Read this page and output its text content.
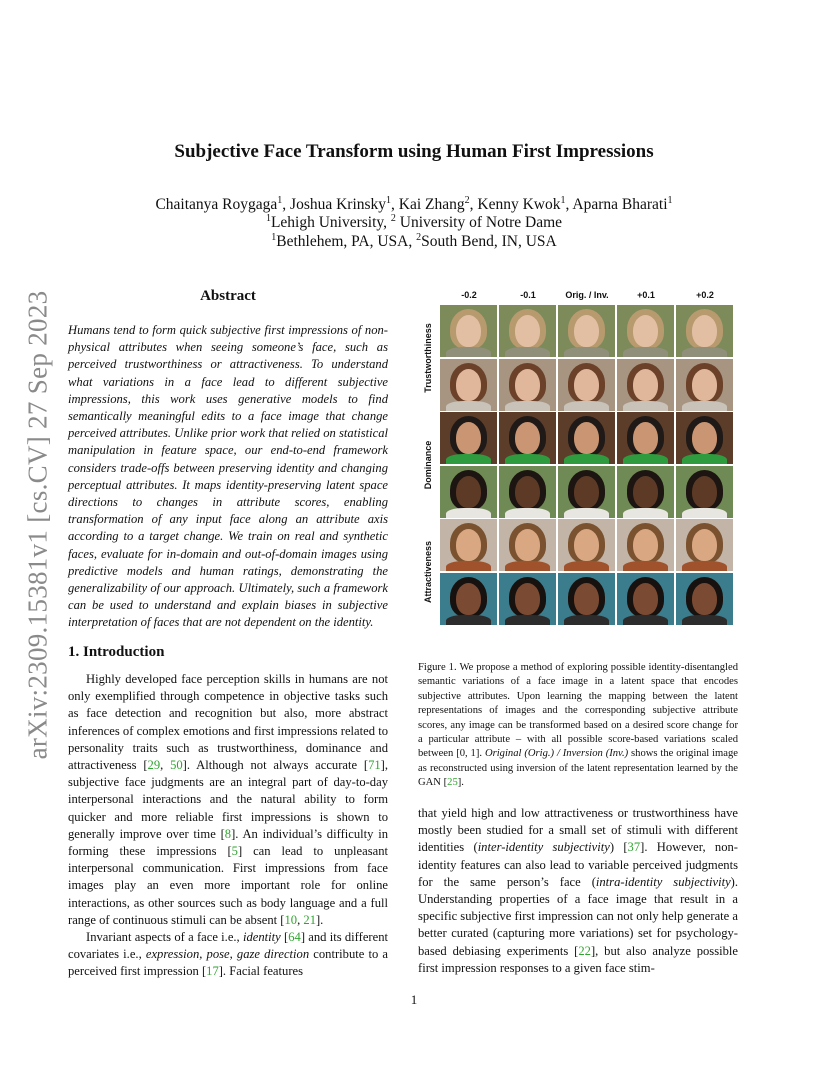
arXiv:2309.15381v1 [cs.CV] 27 Sep 2023
Subjective Face Transform using Human First Impressions
Chaitanya Roygaga$^1$, Joshua Krinsky$^1$, Kai Zhang$^2$, Kenny Kwok$^1$, Aparna Bharati$^1$
$^1$Lehigh University, $^2$ University of Notre Dame
$^1$Bethlehem, PA, USA, $^2$South Bend, IN, USA
Abstract
Humans tend to form quick subjective first impressions of non-physical attributes when seeing someone’s face, such as perceived trustworthiness or attractiveness. To understand what variations in a face lead to different subjective impressions, this work uses generative models to find semantically meaningful edits to a face image that change perceived attributes. Unlike prior work that relied on statistical manipulation in feature space, our end-to-end framework considers trade-offs between preserving identity and changing perceptual attributes. It maps identity-preserving latent space directions to changes in attribute scores, enabling transformation of any input face along an attribute axis according to a target change. We train on real and synthetic faces, evaluate for in-domain and out-of-domain images using predictive models and human ratings, demonstrating the generalizability of our approach. Ultimately, such a framework can be used to understand and explain biases in subjective interpretation of faces that are not dependent on the identity.
1. Introduction

Highly developed face perception skills in humans are not only exemplified through competence in objective tasks such as face detection and recognition but also, more abstract inferences of complex emotions and first impressions related to personality traits such as trustworthiness, dominance and attractiveness [29, 50]. Although not always accurate [71], subjective face judgments are an integral part of day-to-day interpersonal interactions and the natural ability to form quicker and more reliable first impressions is shown to generally improve over time [8]. An individual’s difficulty in forming these impressions [5] can lead to unpleasant interpersonal communication. First impressions from face images play an even more important role for online interactions, as other sources such as body language and a full range of continuous stimuli can be absent [10, 21].

Invariant aspects of a face i.e., identity [64] and its different covariates i.e., expression, pose, gaze direction contribute to a perceived first impression [17]. Facial features

-0.2	-0.1	Orig. / Inv.	+0.1	+0.2
Trustworthiness
Dominance
Attractiveness
Figure 1. We propose a method of exploring possible identity-disentangled semantic variations of a face image in a latent space that encodes subjective attributes. Upon learning the mapping between the latent representations of images and the corresponding subjective attribute scores, any image can be transformed based on a desired score change for a particular attribute – with all possible score-based variations scaled between [0, 1]. Original (Orig.) / Inversion (Inv.) shows the original image as reconstructed using inversion of the latent representation learned by the GAN [25].
that yield high and low attractiveness or trustworthiness have mostly been studied for a small set of stimuli with different identities (inter-identity subjectivity) [37]. However, non-identity features can also lead to variable perceived judgments for the same person’s face (intra-identity subjectivity). Understanding properties of a face image that result in a specific subjective first impression can not only help generate a better curated (capturing more variations) set for psychology-based debiasing experiments [22], but also analyze possible first impression responses to a given face stim-
1
